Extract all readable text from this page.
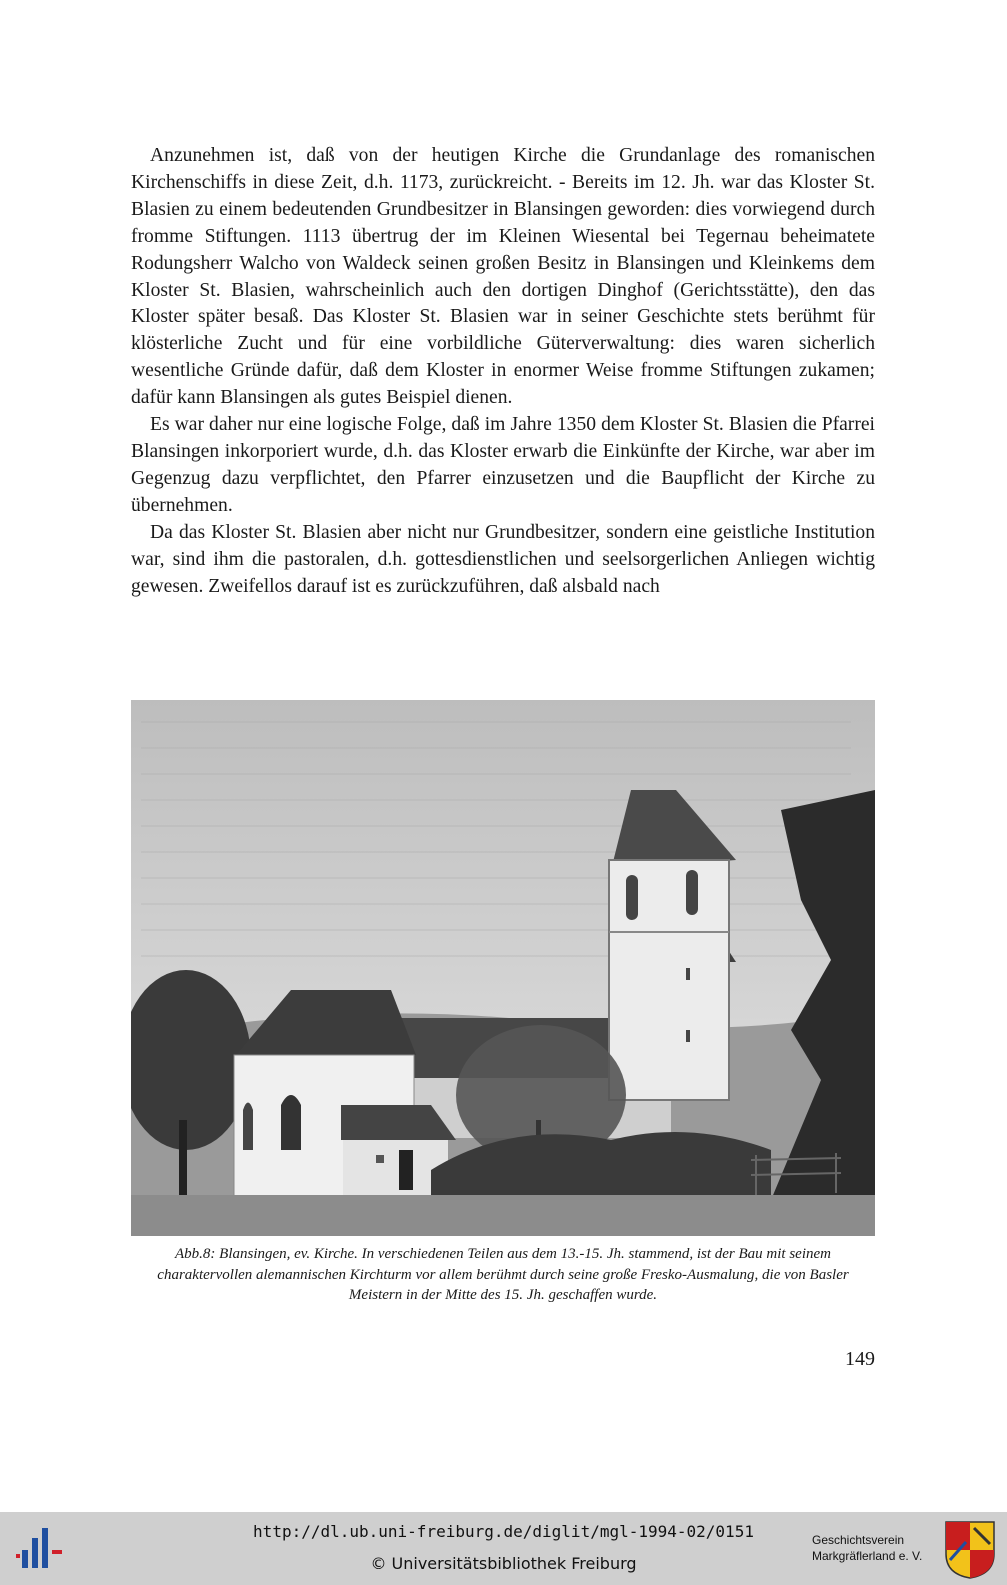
Anzunehmen ist, daß von der heutigen Kirche die Grundanlage des romanischen Kirchenschiffs in diese Zeit, d.h. 1173, zurückreicht. - Bereits im 12. Jh. war das Kloster St. Blasien zu einem bedeutenden Grundbesitzer in Blansingen geworden: dies vorwiegend durch fromme Stiftungen. 1113 übertrug der im Kleinen Wiesental bei Tegernau beheimatete Rodungsherr Walcho von Waldeck seinen großen Besitz in Blansingen und Kleinkems dem Kloster St. Blasien, wahrscheinlich auch den dortigen Dinghof (Gerichtsstätte), den das Kloster später besaß. Das Kloster St. Blasien war in seiner Geschichte stets berühmt für klösterliche Zucht und für eine vorbildliche Güterverwaltung: dies waren sicherlich wesentliche Gründe dafür, daß dem Kloster in enormer Weise fromme Stiftungen zukamen; dafür kann Blansingen als gutes Beispiel dienen.

Es war daher nur eine logische Folge, daß im Jahre 1350 dem Kloster St. Blasien die Pfarrei Blansingen inkorporiert wurde, d.h. das Kloster erwarb die Einkünfte der Kirche, war aber im Gegenzug dazu verpflichtet, den Pfarrer einzusetzen und die Baupflicht der Kirche zu übernehmen.

Da das Kloster St. Blasien aber nicht nur Grundbesitzer, sondern eine geistliche Institution war, sind ihm die pastoralen, d.h. gottesdienstlichen und seelsorgerlichen Anliegen wichtig gewesen. Zweifellos darauf ist es zurückzuführen, daß alsbald nach

Abb.8: Blansingen, ev. Kirche. In verschiedenen Teilen aus dem 13.-15. Jh. stammend, ist der Bau mit seinem charaktervollen alemannischen Kirchturm vor allem berühmt durch seine große Fresko-Ausmalung, die von Basler Meistern in der Mitte des 15. Jh. geschaffen wurde.
149
http://dl.ub.uni-freiburg.de/diglit/mgl-1994-02/0151
© Universitätsbibliothek Freiburg
Geschichtsverein
Markgräflerland e. V.
